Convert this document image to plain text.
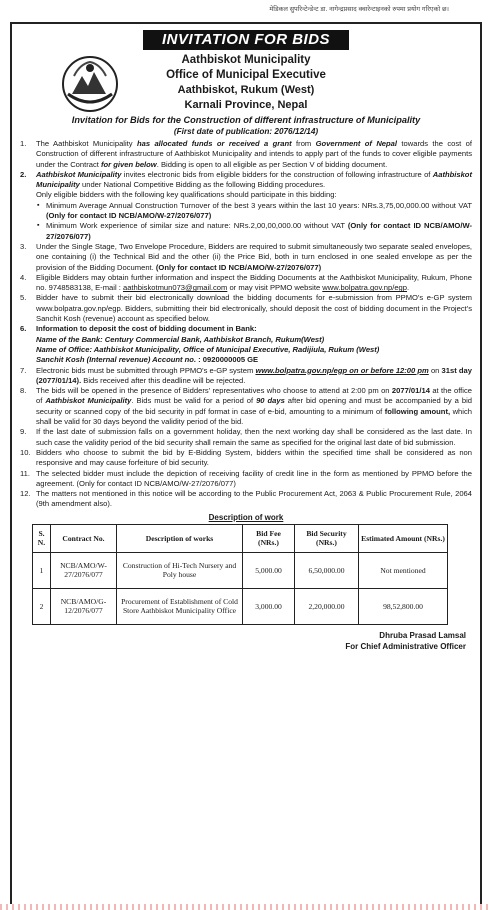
मेडिकल सुपरिन्टेन्डेन्ट डा. नागेन्द्रप्रसाद क्वारेन्टाइनको रुपमा प्रयोग गरिएको छ।
INVITATION FOR BIDS
Aathbiskot Municipality
Office of Municipal Executive
Aathbiskot, Rukum (West)
Karnali Province, Nepal
Invitation for Bids for the Construction of different infrastructure of Municipality
(First date of publication: 2076/12/14)
1.	The Aathbiskot Municipality has allocated funds or received a grant from Government of Nepal towards the cost of Construction of different infrastructure of Aathbiskot Municipality and intends to apply part of the funds to cover eligible payments under the Contract for given below. Bidding is open to all eligible as per Section V of bidding document.
2.	Aathbiskot Municipality invites electronic bids from eligible bidders for the construction of following infrastructure of Aathbiskot Municipality under National Competitive Bidding as the following Bidding procedures.
Only eligible bidders with the following key qualifications should participate in this bidding:
▪ Minimum Average Annual Construction Turnover of the best 3 years within the last 10 years: NRs.3,75,00,000.00 without VAT (Only for contact ID NCB/AMO/W-27/2076/077)
▪ Minimum Work experience of similar size and nature: NRs.2,00,00,000.00 without VAT (Only for contact ID NCB/AMO/W-27/2076/077)
3.	Under the Single Stage, Two Envelope Procedure, Bidders are required to submit simultaneously two separate sealed envelopes, one containing (i) the Technical Bid and the other (ii) the Price Bid, both in turn enclosed in one sealed envelope as per the provision of the Bidding Document. (Only for contact ID NCB/AMO/W-27/2076/077)
4.	Eligible Bidders may obtain further information and inspect the Bidding Documents at the Aathbiskot Municipality, Rukum, Phone no. 9748583138, E-mail : aathbiskotmun073@gmail.com or may visit PPMO website www.bolpatra.gov.np/egp.
5.	Bidder have to submit their bid electronically download the bidding documents for e-submission from PPMO's e-GP system www.bolpatra.gov.np/egp. Bidders, submitting their bid electronically, should deposit the cost of bidding document in the Project's Sanchit Kosh (revenue) account as specified below.
6.	Information to deposit the cost of bidding document in Bank:
Name of the Bank: Century Commercial Bank, Aathbiskot Branch, Rukum(West)
Name of Office: Aathbiskot Municipality, Office of Municipal Executive, Radijiula, Rukum (West)
Sanchit Kosh (Internal revenue) Account no. : 0920000005 GE
7.	Electronic bids must be submitted through PPMO's e-GP system www.bolpatra.gov.np/egp on or before 12:00 pm on 31st day (2077/01/14). Bids received after this deadline will be rejected.
8.	The bids will be opened in the presence of Bidders' representatives who choose to attend at 2:00 pm on 2077/01/14 at the office of Aathbiskot Municipality. Bids must be valid for a period of 90 days after bid opening and must be accompanied by a bid security or scanned copy of the bid security in pdf format in case of e-bid, amounting to a minimum of following amount, which shall be valid for 30 days beyond the validity period of the bid.
9.	If the last date of submission falls on a government holiday, then the next working day shall be considered as the last date. In such case the validity period of the bid security shall remain the same as specified for the original last date of bid submission.
10. Bidders who choose to submit the bid by E-Bidding System, bidders within the specified time shall be considered as non responsive and may cause forfeiture of bid security.
11. The selected bidder must include the depiction of receiving facility of credit line in the form as mentioned by PPMO before the agreement. (Only for contact ID NCB/AMO/W-27/2076/077)
12. The matters not mentioned in this notice will be according to the Public Procurement Act, 2063 & Public Procurement Rule, 2064 (9th amendment also).
Description of work
S. N.	Contract No.	Description of works	Bid Fee (NRs.)	Bid Security (NRs.)	Estimated Amount (NRs.)
1	NCB/AMO/W-27/2076/077	Construction of Hi-Tech Nursery and Poly house	5,000.00	6,50,000.00	Not mentioned
2	NCB/AMO/G-12/2076/077	Procurement of Establishment of Cold Store Aathbiskot Municipality Office	3,000.00	2,20,000.00	98,52,800.00
Dhruba Prasad Lamsal
For Chief Administrative Officer
